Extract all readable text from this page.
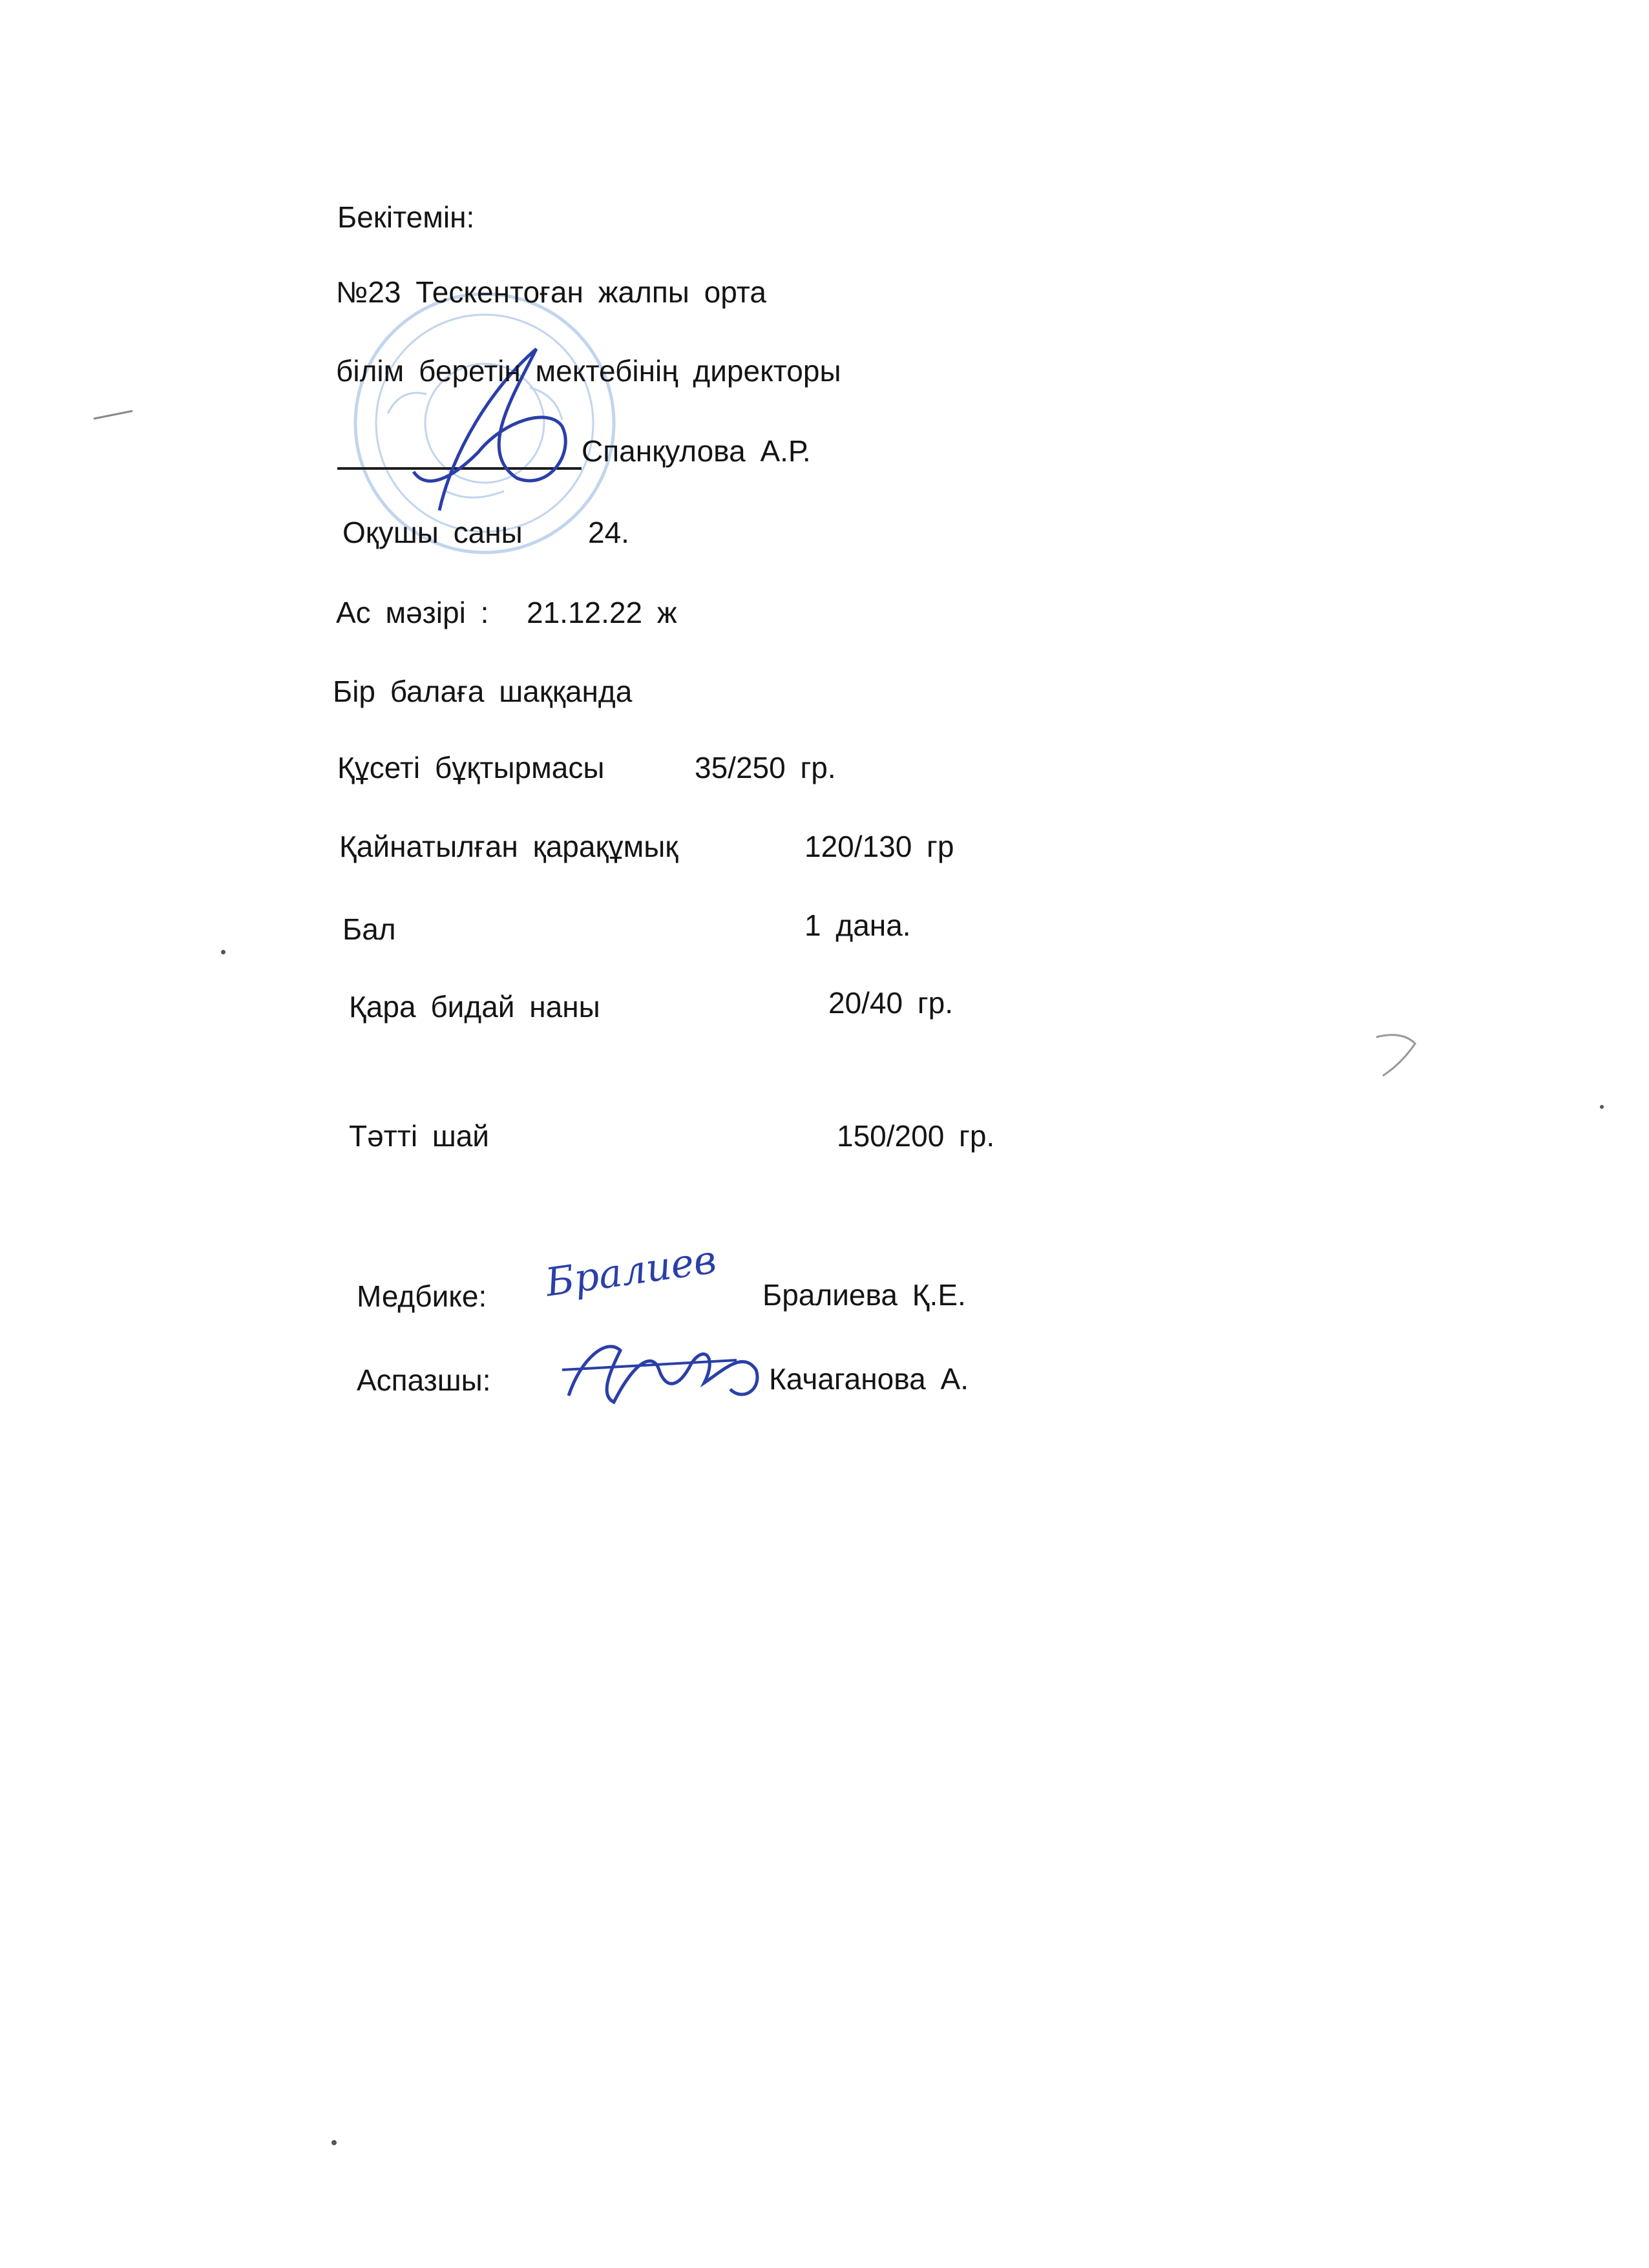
Бекітемін:
№23 Тескентоған жалпы орта
білім беретін мектебінің директоры
Спанқулова А.Р.
Оқушы саны 24.
Ас мәзірі : 21.12.22 ж
Бір балаға шаққанда
Құсеті бұқтырмасы	35/250 гр.
Қайнатылған қарақұмық	120/130 гр
Бал	1 дана.
Қара бидай наны	20/40 гр.
Тәтті шай	150/200 гр.
Медбике: Бралиев Бралиева Қ.Е.
Аспазшы:	Качаганова А.
